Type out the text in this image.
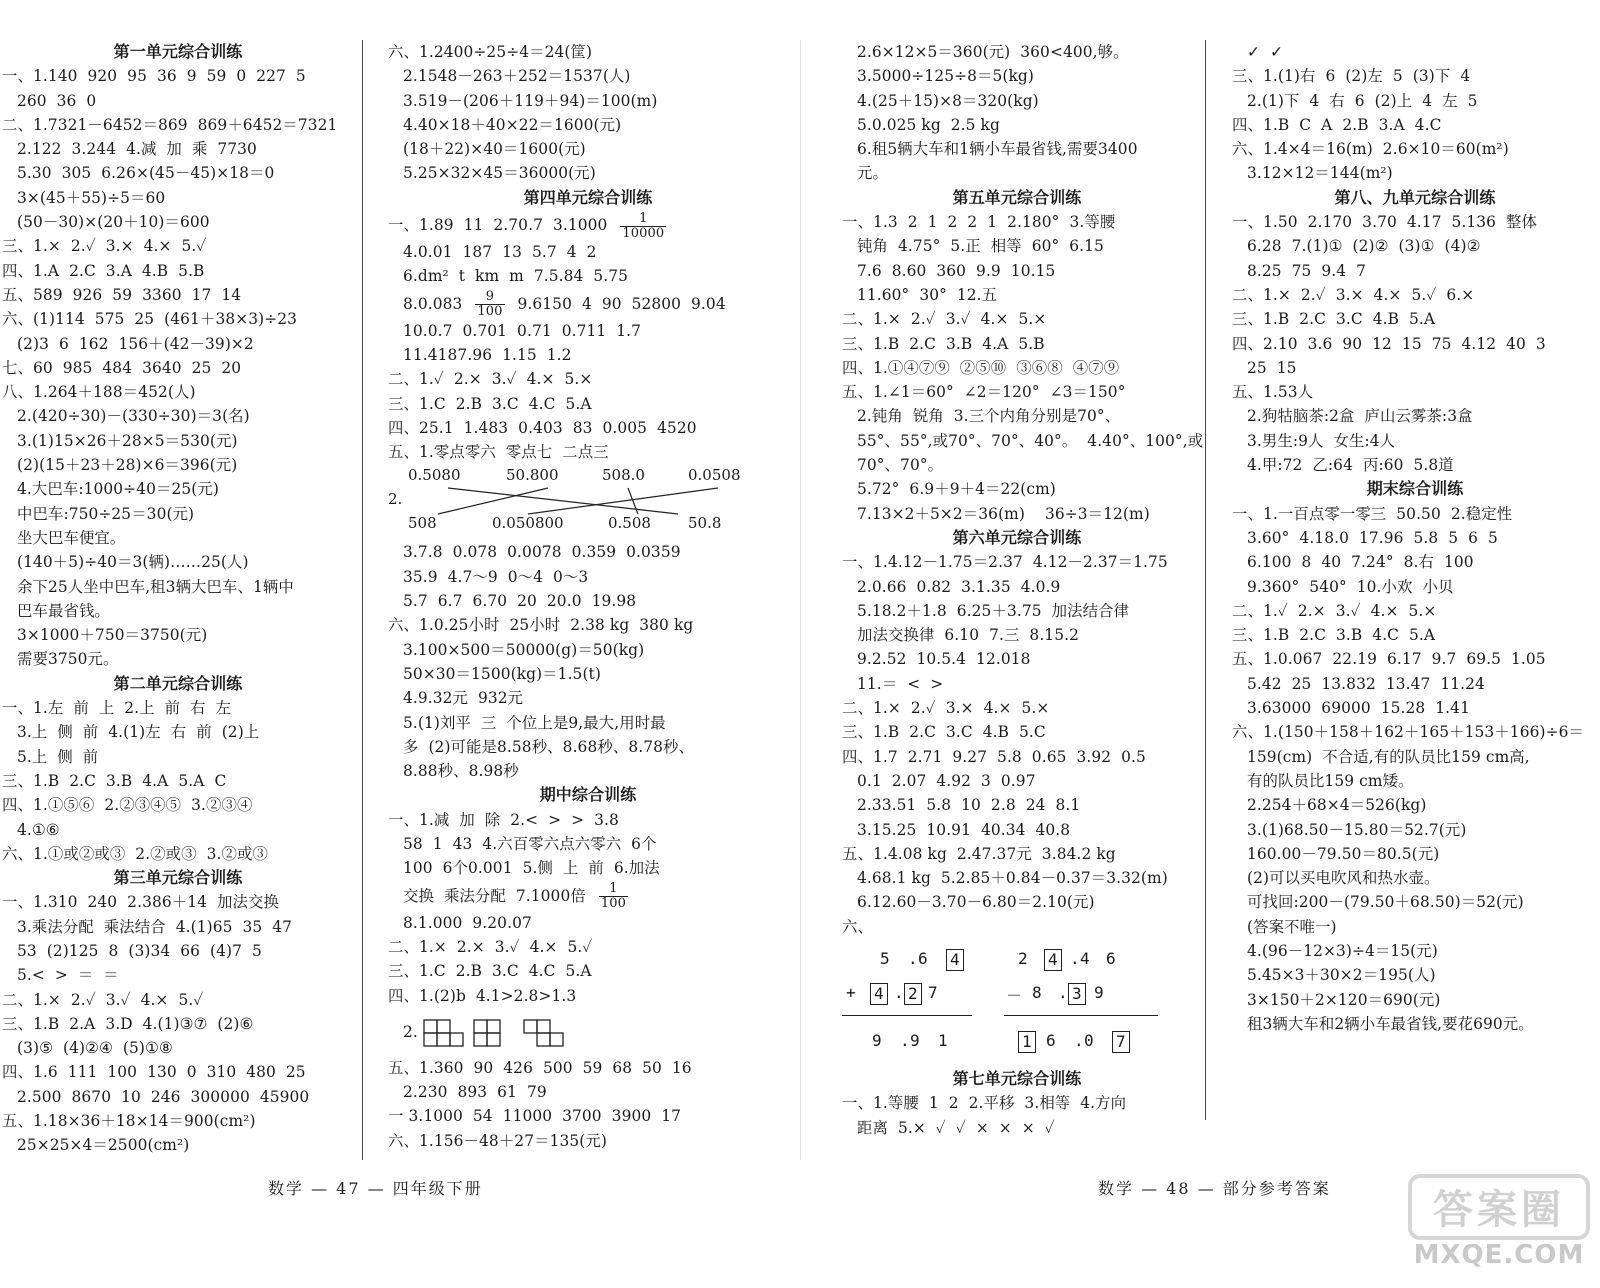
第一单元综合训练
一、1.140  920  95  36  9  59  0  227  5
260  36  0
二、1.7321－6452＝869  869＋6452＝7321
2.122  3.244  4.减  加  乘  7730
5.30  305  6.26×(45－45)×18＝0
3×(45＋55)÷5＝60
(50－30)×(20＋10)＝600
三、1.×  2.✓  3.×  4.×  5.✓
四、1.A  2.C  3.A  4.B  5.B
五、589  926  59  3360  17  14
六、(1)114  575  25  (461＋38×3)÷23
(2)3  6  162  156＋(42－39)×2
七、60  985  484  3640  25  20
八、1.264＋188＝452(人)
2.(420÷30)－(330÷30)＝3(名)
3.(1)15×26＋28×5＝530(元)
(2)(15＋23＋28)×6＝396(元)
4.大巴车:1000÷40＝25(元)
中巴车:750÷25＝30(元)
坐大巴车便宜。
(140＋5)÷40＝3(辆)……25(人)
余下25人坐中巴车,租3辆大巴车、1辆中
巴车最省钱。
3×1000＋750＝3750(元)
需要3750元。
第二单元综合训练
一、1.左  前  上  2.上  前  右  左
3.上  侧  前  4.(1)左  右  前  (2)上
5.上  侧  前
三、1.B  2.C  3.B  4.A  5.A  C
四、1.①⑤⑥  2.②③④⑤  3.②③④
4.①⑥
六、1.①或②或③  2.②或③  3.②或③
第三单元综合训练
一、1.310  240  2.386＋14  加法交换
3.乘法分配  乘法结合  4.(1)65  35  47
53  (2)125  8  (3)34  66  (4)7  5
5.<  >  ＝  ＝
二、1.×  2.✓  3.✓  4.×  5.✓
三、1.B  2.A  3.D  4.(1)③⑦  (2)⑥
(3)⑤  (4)②④  (5)①⑧
四、1.6  111  100  130  0  310  480  25
2.500  8670  10  246  300000  45900
五、1.18×36＋18×14＝900(cm²)
25×25×4＝2500(cm²)
六、1.2400÷25÷4＝24(筐)
2.1548－263＋252＝1537(人)
3.519－(206＋119＋94)＝100(m)
4.40×18＋40×22＝1600(元)
(18＋22)×40＝1600(元)
5.25×32×45＝36000(元)
第四单元综合训练
一、1.89  11  2.70.7  $3.1000 \frac{1}{10000}$
4.0.01  187  13  5.7  4  2
6.dm²  t  km  m  7.5.84  5.75
$8.0.083 \frac{9}{100} 9.6150$  4  90  52800  9.04
10.0.7  0.701  0.71  0.711  1.7
11.4187.96  1.15  1.2
二、1.✓  2.×  3.✓  4.×  5.×
三、1.C  2.B  3.C  4.C  5.A
四、25.1  1.483  0.403  83  0.005  4520
五、1.零点零六  零点七  二点三
0.5080	50.800	508.0	0.0508
508	0.050800	0.508 50.8
2.
3.7.8  0.078  0.0078  0.359  0.0359
35.9  4.7～9  0～4  0～3
5.7  6.7  6.70  20  20.0  19.98
六、1.0.25小时  25小时  2.38 kg  380 kg
3.100×500＝50000(g)＝50(kg)
50×30＝1500(kg)＝1.5(t)
4.9.32元  932元
5.(1)刘平  三  个位上是9,最大,用时最
多  (2)可能是8.58秒、8.68秒、8.78秒、
8.88秒、8.98秒
期中综合训练
一、1.减  加  除  2.<  >  >  3.8
58  1  43  4.六百零六点六零六  6个
100  6个0.001  5.侧  上  前  6.加法
交换  乘法分配  7.1000倍 $\frac{1}{100}$
8.1.000  9.20.07
二、1.×  2.×  3.✓  4.×  5.✓
三、1.C  2.B  3.C  4.C  5.A
四、1.(2)b  4.1>2.8>1.3
2.
五、1.360  90  426  500  59  68  50  16
2.230  893  61  79
一 3.1000  54  11000  3700  3900  17
六、1.156－48＋27＝135(元)
2.6×12×5＝360(元)  360<400,够。
3.5000÷125÷8＝5(kg)
4.(25＋15)×8＝320(kg)
5.0.025 kg  2.5 kg
6.租5辆大车和1辆小车最省钱,需要3400
元。
第五单元综合训练
一、1.3  2  1  2  2  1  2.180°  3.等腰
钝角  4.75°  5.正  相等  60°  6.15
7.6  8.60  360  9.9  10.15
11.60°  30°  12.五
二、1.×  2.✓  3.✓  4.×  5.×
三、1.B  2.C  3.B  4.A  5.B
四、1.①④⑦⑨  ②⑤⑩  ③⑥⑧  ④⑦⑨
五、1.∠1＝60°  ∠2＝120°  ∠3＝150°
2.钝角  锐角  3.三个内角分别是70°、
55°、55°,或70°、70°、40°。  4.40°、100°,或
70°、70°。
5.72°  6.9＋9＋4＝22(cm)
7.13×2＋5×2＝36(m)    36÷3＝12(m)
第六单元综合训练
一、1.4.12－1.75＝2.37  4.12－2.37＝1.75
2.0.66  0.82  3.1.35  4.0.9
5.18.2＋1.8  6.25＋3.75  加法结合律
加法交换律  6.10  7.三  8.15.2
9.2.52  10.5.4  12.018
11.＝  <  >
二、1.×  2.✓  3.×  4.×  5.×
三、1.B  2.C  3.C  4.B  5.C
四、1.7  2.71  9.27  5.8  0.65  3.92  0.5
0.1  2.07  4.92  3  0.97
2.33.51  5.8  10  2.8  24  8.1
3.15.25  10.91  40.34  40.8
五、1.4.08 kg  2.47.37元  3.84.2 kg
4.68.1 kg  5.2.85＋0.84－0.37＝3.32(m)
6.12.60－3.70－6.80＝2.10(元)
六、
5 . 6 4
+ 4 . 2 7
9 . 9 1
2 4 . 4 6
－ 8 . 3 9
1 6 . 0 7
第七单元综合训练
一、1.等腰  1  2  2.平移  3.相等  4.方向
距离  5.×  ✓  ✓  ×  ×  ×  ✓
✓  ✓
三、1.(1)右  6  (2)左  5  (3)下  4
2.(1)下  4  右  6  (2)上  4  左  5
四、1.B  C  A  2.B  3.A  4.C
六、1.4×4＝16(m)  2.6×10＝60(m²)
3.12×12＝144(m²)
第八、九单元综合训练
一、1.50  2.170  3.70  4.17  5.136  整体
6.28  7.(1)①  (2)②  (3)①  (4)②
8.25  75  9.4  7
二、1.×  2.✓  3.×  4.×  5.✓  6.×
三、1.B  2.C  3.C  4.B  5.A
四、2.10  3.6  90  12  15  75  4.12  40  3
25  15
五、1.53人
2.狗牯脑茶:2盒  庐山云雾茶:3盒
3.男生:9人  女生:4人
4.甲:72  乙:64  丙:60  5.8道
期末综合训练
一、1.一百点零一零三  50.50  2.稳定性
3.60°  4.18.0  17.96  5.8  5  6  5
6.100  8  40  7.24°  8.右  100
9.360°  540°  10.小欢  小贝
二、1.✓  2.×  3.✓  4.×  5.×
三、1.B  2.C  3.B  4.C  5.A
五、1.0.067  22.19  6.17  9.7  69.5  1.05
5.42  25  13.832  13.47  11.24
3.63000  69000  15.28  1.41
六、1.(150＋158＋162＋165＋153＋166)÷6＝
159(cm)  不合适,有的队员比159 cm高,
有的队员比159 cm矮。
2.254＋68×4＝526(kg)
3.(1)68.50－15.80＝52.7(元)
160.00－79.50＝80.5(元)
(2)可以买电吹风和热水壶。
可找回:200－(79.50＋68.50)＝52(元)
(答案不唯一)
4.(96－12×3)÷4＝15(元)
5.45×3＋30×2＝195(人)
3×150＋2×120＝690(元)
租3辆大车和2辆小车最省钱,要花690元。
数学 — 47 — 四年级下册	数学 — 48 — 部分参考答案	答案圈
MXQE.COM
